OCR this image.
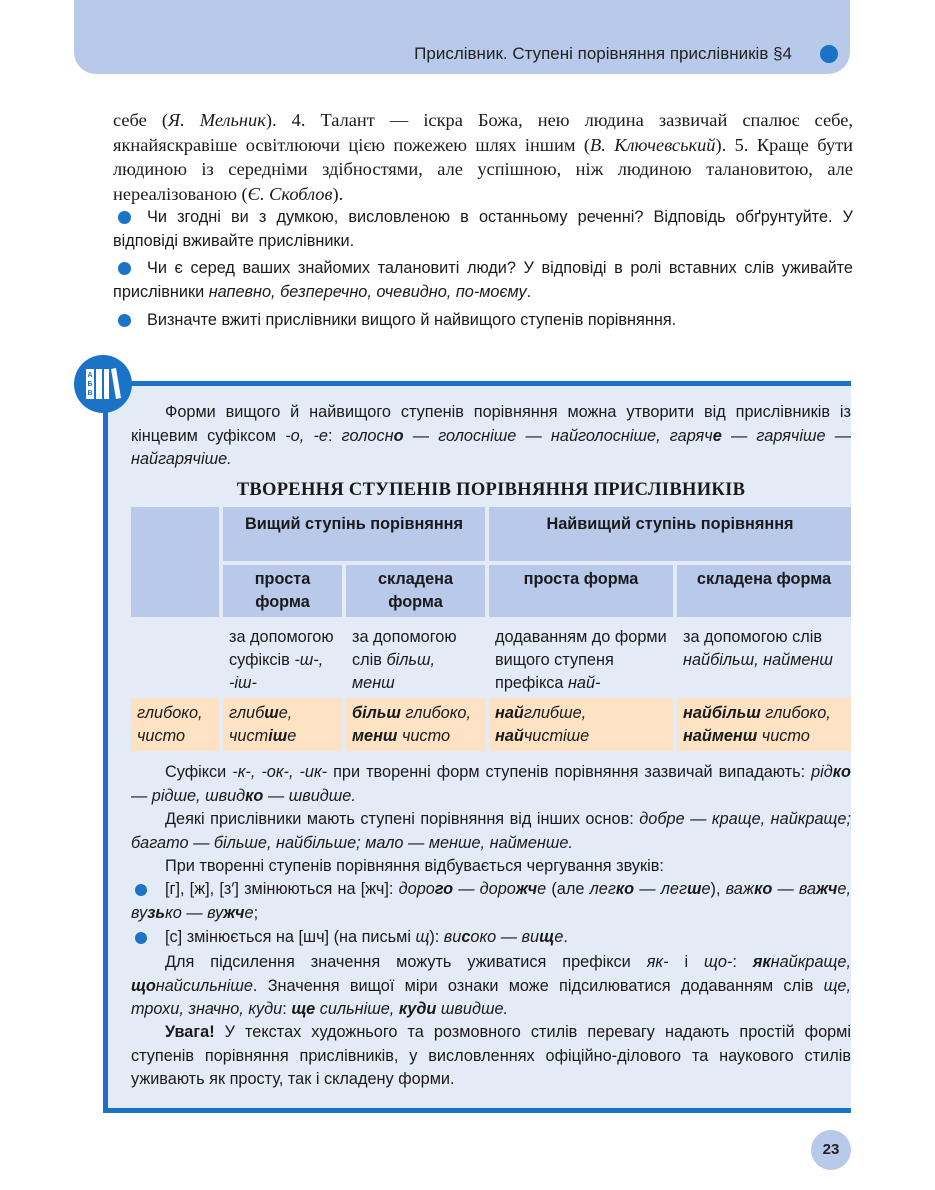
Прислівник. Ступені порівняння прислівників §4
себе (Я. Мельник). 4. Талант — іскра Божа, нею людина зазвичай спалює себе, якнайяскравіше освітлюючи цією пожежею шлях іншим (В. Ключевський). 5. Краще бути людиною із середніми здібностями, але успішною, ніж людиною талановитою, але нереалізованою (Є. Скоблов).
Чи згодні ви з думкою, висловленою в останньому реченні? Відповідь обґрунтуйте. У відповіді вживайте прислівники.
Чи є серед ваших знайомих талановиті люди? У відповіді в ролі вставних слів уживайте прислівники напевно, безперечно, очевидно, по-моєму.
Визначте вжиті прислівники вищого й найвищого ступенів порівняння.
А
Б
В
Форми вищого й найвищого ступенів порівняння можна утворити від прислівників із кінцевим суфіксом -о, -е: голосно — голосніше — найголосніше, гаряче — гарячіше — найгарячіше.
ТВОРЕННЯ СТУПЕНІВ ПОРІВНЯННЯ ПРИСЛІВНИКІВ
Вищий ступінь порівняння	Найвищий ступінь порівняння
проста форма
складена форма
проста форма	складена форма
за допомогою суфіксів -ш-, -іш-
за допомогою слів більш, менш
додаванням до форми вищого ступеня префікса най-
за допомогою слів найбільш, найменш
глибоко, чисто
глибше, чистіше
більш глибоко, менш чисто
найглибше, найчистіше
найбільш глибоко, найменш чисто
Суфікси -к-, -ок-, -ик- при творенні форм ступенів порівняння зазвичай випадають: рідко — рідше, швидко — швидше.
Деякі прислівники мають ступені порівняння від інших основ: добре — краще, найкраще; багато — більше, найбільше; мало — менше, найменше.
При творенні ступенів порівняння відбувається чергування звуків:
[г], [ж], [з′] змінюються на [жч]: дорого — дорожче (але легко — легше), важко — важче, вузько — вужче;
[с] змінюється на [шч] (на письмі щ): високо — вище.
Для підсилення значення можуть уживатися префікси як- і що-: якнайкраще, щонайсильніше. Значення вищої міри ознаки може підсилюватися додаванням слів ще, трохи, значно, куди: ще сильніше, куди швидше.
Увага! У текстах художнього та розмовного стилів перевагу надають простій формі ступенів порівняння прислівників, у висловленнях офіційно-ділового та наукового стилів уживають як просту, так і складену форми.
23
